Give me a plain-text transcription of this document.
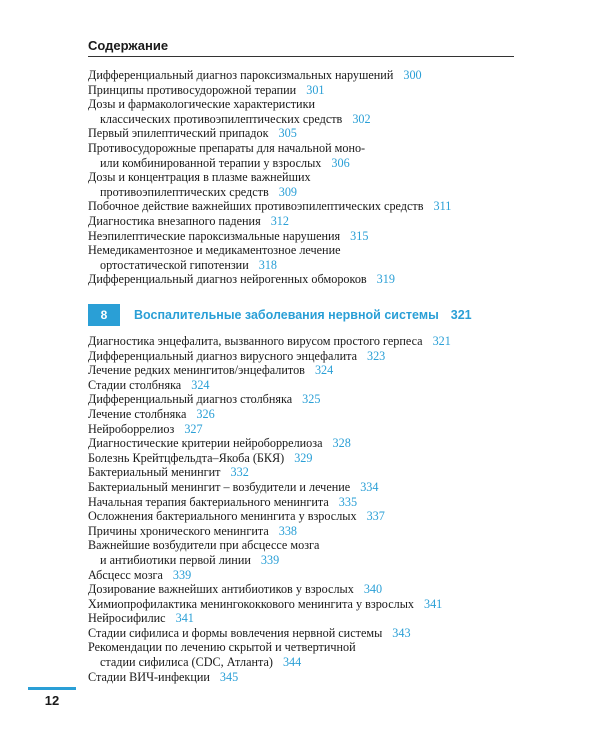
Содержание
Дифференциальный диагноз пароксизмальных нарушений 300
Принципы противосудорожной терапии 301
Дозы и фармакологические характеристики
классических противоэпилептических средств 302
Первый эпилептический припадок 305
Противосудорожные препараты для начальной моно-
или комбинированной терапии у взрослых 306
Дозы и концентрация в плазме важнейших
противоэпилептических средств 309
Побочное действие важнейших противоэпилептических средств 311
Диагностика внезапного падения 312
Неэпилептические пароксизмальные нарушения 315
Немедикаментозное и медикаментозное лечение
ортостатической гипотензии 318
Дифференциальный диагноз нейрогенных обмороков 319
8	Воспалительные заболевания нервной системы 321
Диагностика энцефалита, вызванного вирусом простого герпеса 321
Дифференциальный диагноз вирусного энцефалита 323
Лечение редких менингитов/энцефалитов 324
Стадии столбняка 324
Дифференциальный диагноз столбняка 325
Лечение столбняка 326
Нейроборрелиоз 327
Диагностические критерии нейроборрелиоза 328
Болезнь Крейтцфельдта–Якоба (БКЯ) 329
Бактериальный менингит 332
Бактериальный менингит – возбудители и лечение 334
Начальная терапия бактериального менингита 335
Осложнения бактериального менингита у взрослых 337
Причины хронического менингита 338
Важнейшие возбудители при абсцессе мозга
и антибиотики первой линии 339
Абсцесс мозга 339
Дозирование важнейших антибиотиков у взрослых 340
Химиопрофилактика менингококкового менингита у взрослых 341
Нейросифилис 341
Стадии сифилиса и формы вовлечения нервной системы 343
Рекомендации по лечению скрытой и четвертичной
стадии сифилиса (CDC, Атланта) 344
Стадии ВИЧ-инфекции 345
12
